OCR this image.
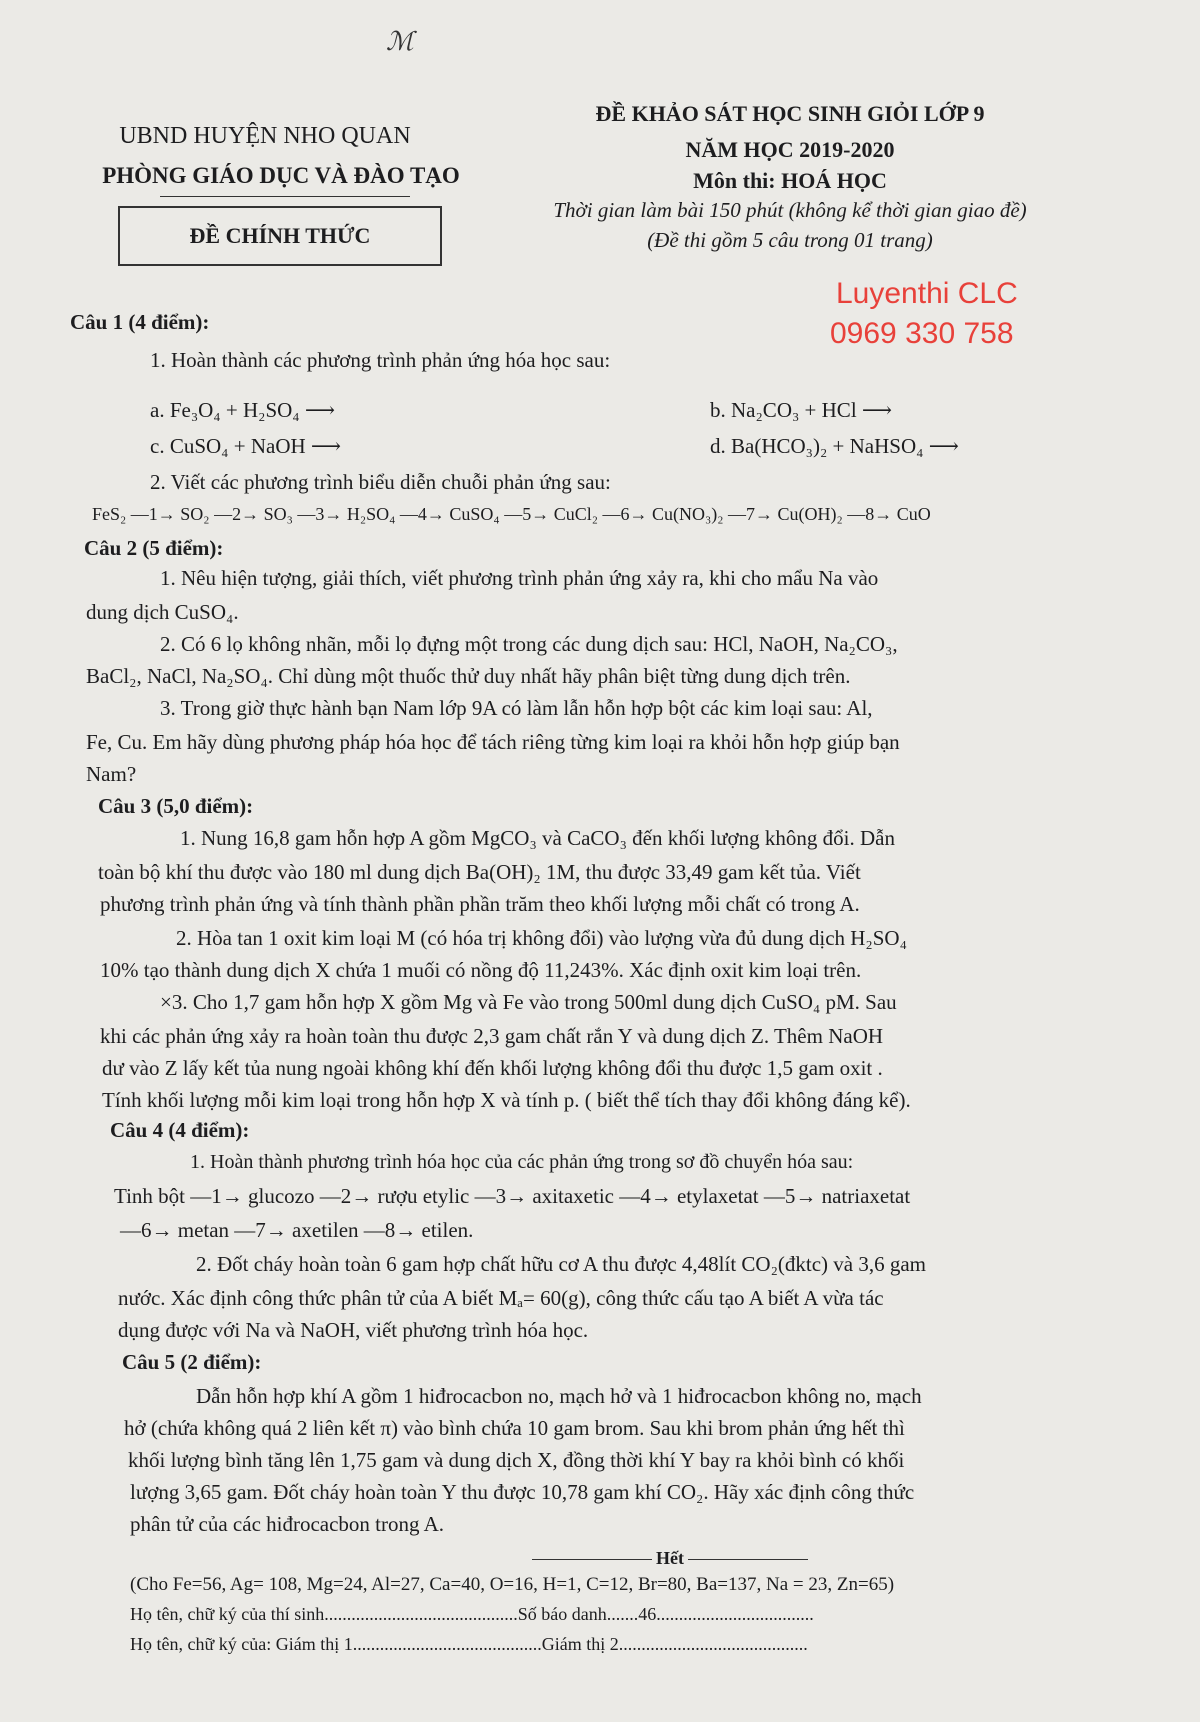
ℳ
UBND HUYỆN NHO QUAN
PHÒNG GIÁO DỤC VÀ ĐÀO TẠO
ĐỀ CHÍNH THỨC
ĐỀ KHẢO SÁT HỌC SINH GIỎI LỚP 9
NĂM HỌC 2019-2020
Môn thi: HOÁ HỌC
Thời gian làm bài 150 phút (không kể thời gian giao đề)
(Đề thi gồm 5 câu trong 01 trang)
Luyenthi CLC
0969 330 758
Câu 1 (4 điểm):
1. Hoàn thành các phương trình phản ứng hóa học sau:
a. Fe₃O₄ + H₂SO₄ ⟶	b. Na₂CO₃ + HCl ⟶
c. CuSO₄ + NaOH ⟶	d. Ba(HCO₃)₂ + NaHSO₄ ⟶
2. Viết các phương trình biểu diễn chuỗi phản ứng sau:
FeS₂ —1→ SO₂ —2→ SO₃ —3→ H₂SO₄ —4→ CuSO₄ —5→ CuCl₂ —6→ Cu(NO₃)₂ —7→ Cu(OH)₂ —8→ CuO
Câu 2 (5 điểm):
1. Nêu hiện tượng, giải thích, viết phương trình phản ứng xảy ra, khi cho mẩu Na vào
dung dịch CuSO₄.
2. Có 6 lọ không nhãn, mỗi lọ đựng một trong các dung dịch sau: HCl, NaOH, Na₂CO₃,
BaCl₂, NaCl, Na₂SO₄. Chỉ dùng một thuốc thử duy nhất hãy phân biệt từng dung dịch trên.
3. Trong giờ thực hành bạn Nam lớp 9A có làm lẫn hỗn hợp bột các kim loại sau: Al,
Fe, Cu. Em hãy dùng phương pháp hóa học để tách riêng từng kim loại ra khỏi hỗn hợp giúp bạn
Nam?
Câu 3 (5,0 điểm):
1. Nung 16,8 gam hỗn hợp A gồm MgCO₃ và CaCO₃ đến khối lượng không đổi. Dẫn
toàn bộ khí thu được vào 180 ml dung dịch Ba(OH)₂ 1M, thu được 33,49 gam kết tủa. Viết
phương trình phản ứng và tính thành phần phần trăm theo khối lượng mỗi chất có trong A.
2. Hòa tan 1 oxit kim loại M (có hóa trị không đổi) vào lượng vừa đủ dung dịch H₂SO₄
10% tạo thành dung dịch X chứa 1 muối có nồng độ 11,243%. Xác định oxit kim loại trên.
×3. Cho 1,7 gam hỗn hợp X gồm Mg và Fe vào trong 500ml dung dịch CuSO₄ pM. Sau
khi các phản ứng xảy ra hoàn toàn thu được 2,3 gam chất rắn Y và dung dịch Z. Thêm NaOH
dư vào Z lấy kết tủa nung ngoài không khí đến khối lượng không đổi thu được 1,5 gam oxit .
Tính khối lượng mỗi kim loại trong hỗn hợp X và tính p. ( biết thể tích thay đổi không đáng kể).
Câu 4 (4 điểm):
1. Hoàn thành phương trình hóa học của các phản ứng trong sơ đồ chuyển hóa sau:
Tinh bột —1→ glucozo —2→ rượu etylic —3→ axitaxetic —4→ etylaxetat —5→ natriaxetat
—6→ metan —7→ axetilen —8→ etilen.
2. Đốt cháy hoàn toàn 6 gam hợp chất hữu cơ A thu được 4,48lít CO₂(đktc) và 3,6 gam
nước. Xác định công thức phân tử của A biết Mₐ= 60(g), công thức cấu tạo A biết A vừa tác
dụng được với Na và NaOH, viết phương trình hóa học.
Câu 5 (2 điểm):
Dẫn hỗn hợp khí A gồm 1 hiđrocacbon no, mạch hở và 1 hiđrocacbon không no, mạch
hở (chứa không quá 2 liên kết π) vào bình chứa 10 gam brom. Sau khi brom phản ứng hết thì
khối lượng bình tăng lên 1,75 gam và dung dịch X, đồng thời khí Y bay ra khỏi bình có khối
lượng 3,65 gam. Đốt cháy hoàn toàn Y thu được 10,78 gam khí CO₂. Hãy xác định công thức
phân tử của các hiđrocacbon trong A.
Hết
(Cho Fe=56, Ag= 108, Mg=24, Al=27, Ca=40, O=16, H=1, C=12, Br=80, Ba=137, Na = 23, Zn=65)
Họ tên, chữ ký của thí sinh...........................................Số báo danh.......46...................................
Họ tên, chữ ký của: Giám thị 1..........................................Giám thị 2..........................................
